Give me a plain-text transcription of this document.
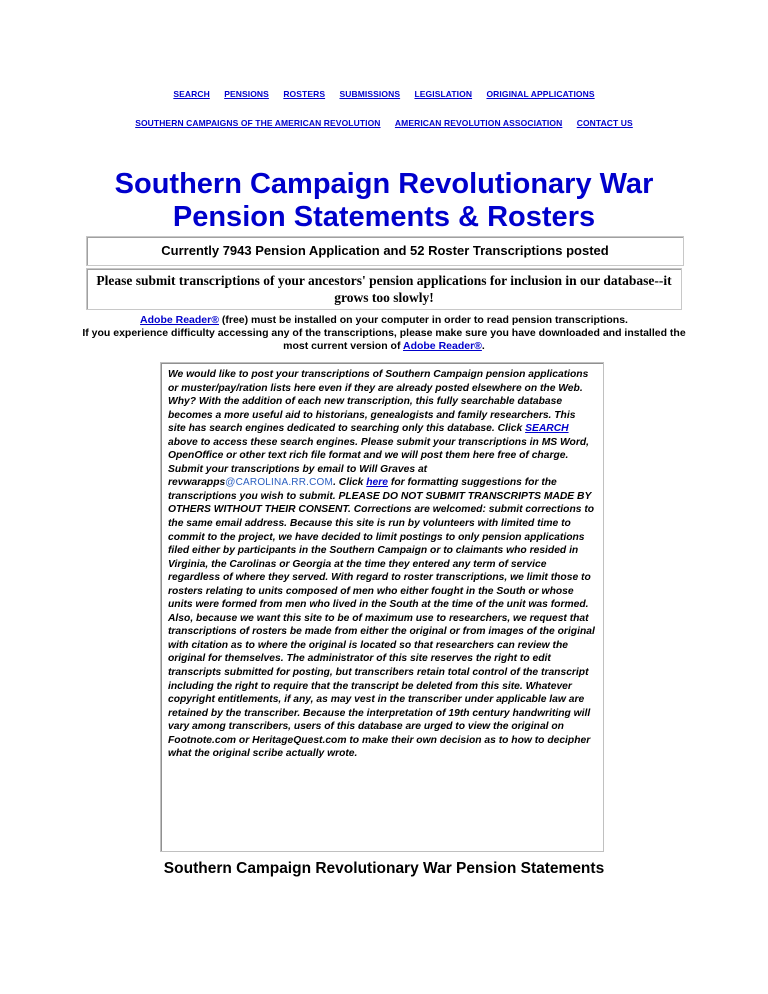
SEARCH PENSIONS ROSTERS SUBMISSIONS LEGISLATION ORIGINAL APPLICATIONS
SOUTHERN CAMPAIGNS OF THE AMERICAN REVOLUTION AMERICAN REVOLUTION ASSOCIATION CONTACT US
Southern Campaign Revolutionary War
Pension Statements & Rosters
Currently 7943 Pension Application and 52 Roster Transcriptions posted
Please submit transcriptions of your ancestors' pension applications for inclusion in our database--it grows too slowly!
Adobe Reader® (free) must be installed on your computer in order to read pension transcriptions.
If you experience difficulty accessing any of the transcriptions, please make sure you have downloaded and installed the most current version of Adobe Reader®.
We would like to post your transcriptions of Southern Campaign pension applications or muster/pay/ration lists here even if they are already posted elsewhere on the Web. Why? With the addition of each new transcription, this fully searchable database becomes a more useful aid to historians, genealogists and family researchers. This site has search engines dedicated to searching only this database. Click SEARCH above to access these search engines. Please submit your transcriptions in MS Word, OpenOffice or other text rich file format and we will post them here free of charge. Submit your transcriptions by email to Will Graves at revwarapps@CAROLINA.RR.COM. Click here for formatting suggestions for the transcriptions you wish to submit. PLEASE DO NOT SUBMIT TRANSCRIPTS MADE BY OTHERS WITHOUT THEIR CONSENT. Corrections are welcomed: submit corrections to the same email address. Because this site is run by volunteers with limited time to commit to the project, we have decided to limit postings to only pension applications filed either by participants in the Southern Campaign or to claimants who resided in Virginia, the Carolinas or Georgia at the time they entered any term of service regardless of where they served. With regard to roster transcriptions, we limit those to rosters relating to units composed of men who either fought in the South or whose units were formed from men who lived in the South at the time of the unit was formed. Also, because we want this site to be of maximum use to researchers, we request that transcriptions of rosters be made from either the original or from images of the original with citation as to where the original is located so that researchers can review the original for themselves. The administrator of this site reserves the right to edit transcripts submitted for posting, but transcribers retain total control of the transcript including the right to require that the transcript be deleted from this site. Whatever copyright entitlements, if any, as may vest in the transcriber under applicable law are retained by the transcriber. Because the interpretation of 19th century handwriting will vary among transcribers, users of this database are urged to view the original on Footnote.com or HeritageQuest.com to make their own decision as to how to decipher what the original scribe actually wrote.
Southern Campaign Revolutionary War Pension Statements
